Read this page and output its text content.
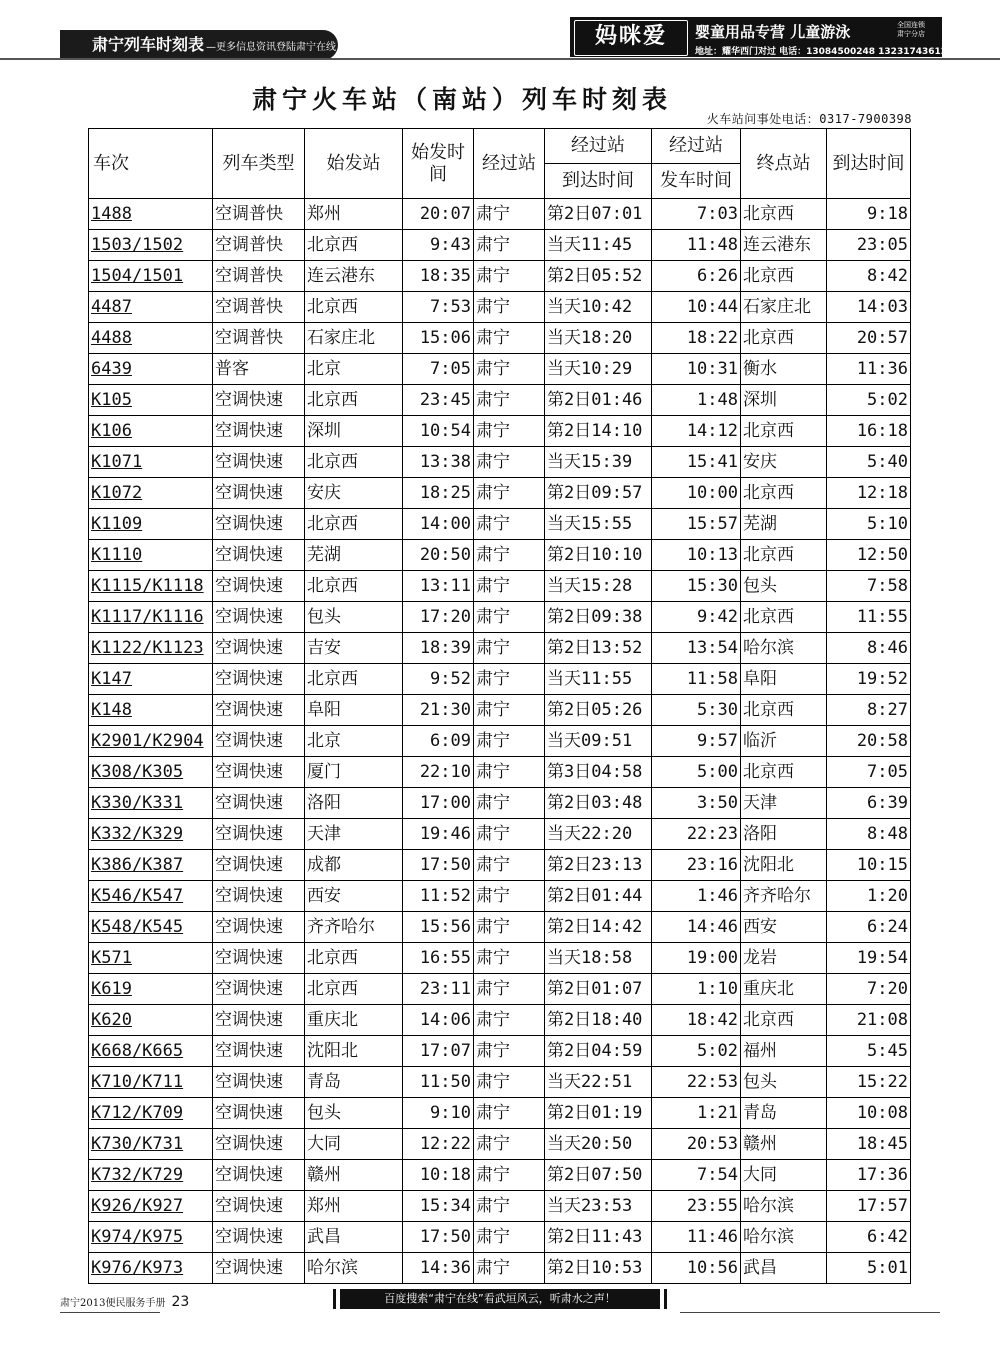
肃宁列车时刻表 —更多信息资讯登陆肃宁在线	妈咪爱	婴童用品专营 儿童游泳	全国连锁
肃宁分店
地址：耀华西门对过 电话：13084500248 13231743612
肃宁火车站（南站）列车时刻表
火车站问事处电话：0317-7900398
车次	列车类型	始发站	始发时间	经过站	经过站	经过站	终点站	到达时间
					到达时间	发车时间		
1488	空调普快	郑州	20:07	肃宁	第2日07:01	7:03	北京西	9:18
1503/1502	空调普快	北京西	9:43	肃宁	当天11:45	11:48	连云港东	23:05
1504/1501	空调普快	连云港东	18:35	肃宁	第2日05:52	6:26	北京西	8:42
4487	空调普快	北京西	7:53	肃宁	当天10:42	10:44	石家庄北	14:03
4488	空调普快	石家庄北	15:06	肃宁	当天18:20	18:22	北京西	20:57
6439	普客	北京	7:05	肃宁	当天10:29	10:31	衡水	11:36
K105	空调快速	北京西	23:45	肃宁	第2日01:46	1:48	深圳	5:02
K106	空调快速	深圳	10:54	肃宁	第2日14:10	14:12	北京西	16:18
K1071	空调快速	北京西	13:38	肃宁	当天15:39	15:41	安庆	5:40
K1072	空调快速	安庆	18:25	肃宁	第2日09:57	10:00	北京西	12:18
K1109	空调快速	北京西	14:00	肃宁	当天15:55	15:57	芜湖	5:10
K1110	空调快速	芜湖	20:50	肃宁	第2日10:10	10:13	北京西	12:50
K1115/K1118	空调快速	北京西	13:11	肃宁	当天15:28	15:30	包头	7:58
K1117/K1116	空调快速	包头	17:20	肃宁	第2日09:38	9:42	北京西	11:55
K1122/K1123	空调快速	吉安	18:39	肃宁	第2日13:52	13:54	哈尔滨	8:46
K147	空调快速	北京西	9:52	肃宁	当天11:55	11:58	阜阳	19:52
K148	空调快速	阜阳	21:30	肃宁	第2日05:26	5:30	北京西	8:27
K2901/K2904	空调快速	北京	6:09	肃宁	当天09:51	9:57	临沂	20:58
K308/K305	空调快速	厦门	22:10	肃宁	第3日04:58	5:00	北京西	7:05
K330/K331	空调快速	洛阳	17:00	肃宁	第2日03:48	3:50	天津	6:39
K332/K329	空调快速	天津	19:46	肃宁	当天22:20	22:23	洛阳	8:48
K386/K387	空调快速	成都	17:50	肃宁	第2日23:13	23:16	沈阳北	10:15
K546/K547	空调快速	西安	11:52	肃宁	第2日01:44	1:46	齐齐哈尔	1:20
K548/K545	空调快速	齐齐哈尔	15:56	肃宁	第2日14:42	14:46	西安	6:24
K571	空调快速	北京西	16:55	肃宁	当天18:58	19:00	龙岩	19:54
K619	空调快速	北京西	23:11	肃宁	第2日01:07	1:10	重庆北	7:20
K620	空调快速	重庆北	14:06	肃宁	第2日18:40	18:42	北京西	21:08
K668/K665	空调快速	沈阳北	17:07	肃宁	第2日04:59	5:02	福州	5:45
K710/K711	空调快速	青岛	11:50	肃宁	当天22:51	22:53	包头	15:22
K712/K709	空调快速	包头	9:10	肃宁	第2日01:19	1:21	青岛	10:08
K730/K731	空调快速	大同	12:22	肃宁	当天20:50	20:53	赣州	18:45
K732/K729	空调快速	赣州	10:18	肃宁	第2日07:50	7:54	大同	17:36
K926/K927	空调快速	郑州	15:34	肃宁	当天23:53	23:55	哈尔滨	17:57
K974/K975	空调快速	武昌	17:50	肃宁	第2日11:43	11:46	哈尔滨	6:42
K976/K973	空调快速	哈尔滨	14:36	肃宁	第2日10:53	10:56	武昌	5:01
肃宁2013便民服务手册 23	百度搜索“肃宁在线”看武垣风云，听肃水之声！
